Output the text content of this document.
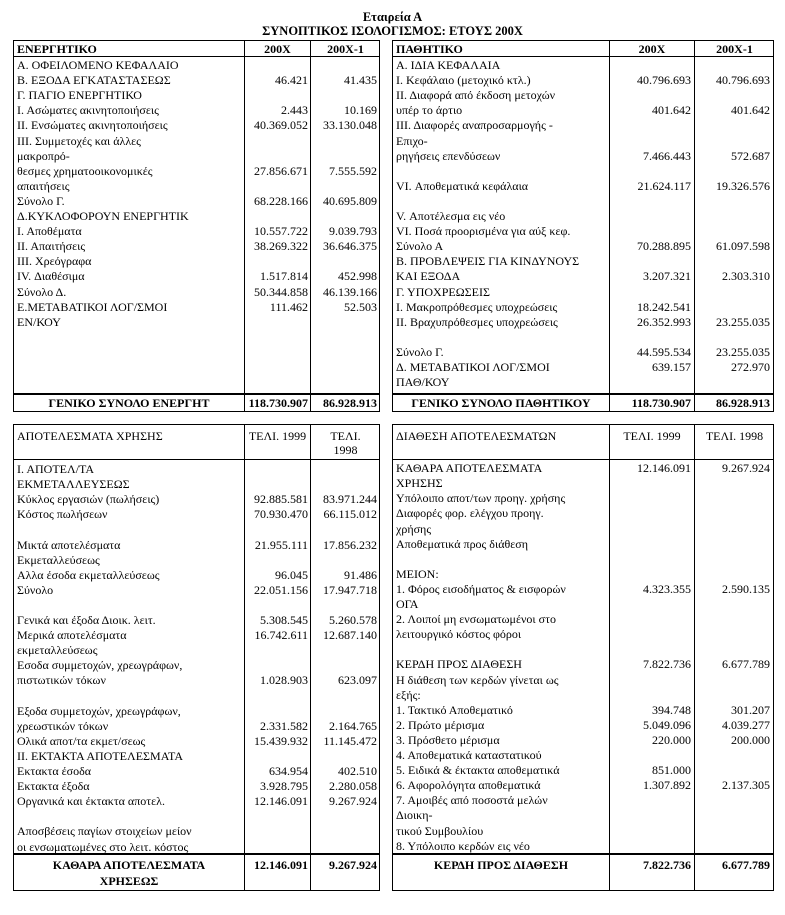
Εταιρεία Α
ΣΥΝΟΠΤΙΚΟΣ ΙΣΟΛΟΓΙΣΜΟΣ: ΕΤΟΥΣ 200Χ
ΕΝΕΡΓΗΤΙΚΟ	200Χ	200Χ-1
Α. ΟΦΕΙΛΟΜΕΝΟ ΚΕΦΑΛΑΙΟ
Β. ΕΞΟΔΑ ΕΓΚΑΤΑΣΤΑΣΕΩΣ	46.421	41.435
Γ. ΠΑΓΙΟ ΕΝΕΡΓΗΤΙΚΟ
Ι. Ασώματες ακινητοποιήσεις	2.443	10.169
ΙΙ. Ενσώματες ακινητοποιήσεις	40.369.052	33.130.048
ΙΙΙ. Συμμετοχές και άλλες
μακροπρό-
θεσμες χρηματοοικονομικές	27.856.671	7.555.592
απαιτήσεις
Σύνολο Γ.	68.228.166	40.695.809
Δ.ΚΥΚΛΟΦΟΡΟΥΝ ΕΝΕΡΓΗΤΙΚ
Ι. Αποθέματα	10.557.722	9.039.793
ΙΙ. Απαιτήσεις	38.269.322	36.646.375
ΙΙΙ. Χρεόγραφα
ΙV. Διαθέσιμα	1.517.814	452.998
Σύνολο Δ.	50.344.858	46.139.166
Ε.ΜΕΤΑΒΑΤΙΚΟΙ ΛΟΓ/ΣΜΟΙ	111.462	52.503
ΕΝ/ΚΟΥ
ΓΕΝΙΚΟ ΣΥΝΟΛΟ ΕΝΕΡΓΗΤ	118.730.907	86.928.913
ΠΑΘΗΤΙΚΟ	200Χ	200Χ-1
Α. ΙΔΙΑ ΚΕΦΑΛΑΙΑ
Ι. Κεφάλαιο (μετοχικό κτλ.)	40.796.693	40.796.693
ΙΙ. Διαφορά από έκδοση μετοχών
υπέρ το άρτιο	401.642	401.642
ΙΙΙ. Διαφορές αναπροσαρμογής -
Επιχο-
ρηγήσεις επενδύσεων	7.466.443	572.687
VI. Αποθεματικά κεφάλαια	21.624.117	19.326.576
V. Αποτέλεσμα εις νέο
VI. Ποσά προορισμένα για αύξ κεφ.
Σύνολο Α	70.288.895	61.097.598
Β. ΠΡΟΒΛΕΨΕΙΣ ΓΙΑ ΚΙΝΔΥΝΟΥΣ
ΚΑΙ ΕΞΟΔΑ	3.207.321	2.303.310
Γ. ΥΠΟΧΡΕΩΣΕΙΣ
Ι. Μακροπρόθεσμες υποχρεώσεις	18.242.541
ΙΙ. Βραχυπρόθεσμες υποχρεώσεις	26.352.993	23.255.035
Σύνολο Γ.	44.595.534	23.255.035
Δ. ΜΕΤΑΒΑΤΙΚΟΙ ΛΟΓ/ΣΜΟΙ	639.157	272.970
ΠΑΘ/ΚΟΥ
ΓΕΝΙΚΟ ΣΥΝΟΛΟ ΠΑΘΗΤΙΚΟΥ	118.730.907	86.928.913
ΑΠΟΤΕΛΕΣΜΑΤΑ ΧΡΗΣΗΣ	ΤΕΛΙ. 1999	ΤΕΛΙ.
1998
Ι. ΑΠΟΤΕΛ/ΤΑ
ΕΚΜΕΤΑΛΛΕΥΣΕΩΣ
Κύκλος εργασιών (πωλήσεις)	92.885.581	83.971.244
Κόστος πωλήσεων	70.930.470	66.115.012
Μικτά αποτελέσματα	21.955.111	17.856.232
Εκμεταλλεύσεως
Αλλα έσοδα εκμεταλλεύσεως	96.045	91.486
Σύνολο	22.051.156	17.947.718
Γενικά και έξοδα Διοικ. λειτ.	5.308.545	5.260.578
Μερικά αποτελέσματα	16.742.611	12.687.140
εκμεταλλεύσεως
Εσοδα συμμετοχών, χρεωγράφων,
πιστωτικών τόκων	1.028.903	623.097
Εξοδα συμμετοχών, χρεωγράφων,
χρεωστικών τόκων	2.331.582	2.164.765
Ολικά αποτ/τα εκμετ/σεως	15.439.932	11.145.472
ΙΙ. ΕΚΤΑΚΤΑ ΑΠΟΤΕΛΕΣΜΑΤΑ
Εκτακτα έσοδα	634.954	402.510
Εκτακτα έξοδα	3.928.795	2.280.058
Οργανικά και έκτακτα αποτελ.	12.146.091	9.267.924
Αποσβέσεις παγίων στοιχείων μείον
οι ενσωματωμένες στο λειτ. κόστος
ΚΑΘΑΡΑ ΑΠΟΤΕΛΕΣΜΑΤΑ
ΧΡΗΣΕΩΣ
12.146.091	9.267.924
ΔΙΑΘΕΣΗ ΑΠΟΤΕΛΕΣΜΑΤΩΝ	ΤΕΛΙ. 1999	ΤΕΛΙ. 1998
ΚΑΘΑΡΑ ΑΠΟΤΕΛΕΣΜΑΤΑ	12.146.091	9.267.924
ΧΡΗΣΗΣ
Υπόλοιπο αποτ/των προηγ. χρήσης
Διαφορές φορ. ελέγχου προηγ.
χρήσης
Αποθεματικά προς διάθεση
ΜΕΙΟΝ:
1. Φόρος εισοδήματος & εισφορών	4.323.355	2.590.135
ΟΓΑ
2. Λοιποί μη ενσωματωμένοι στο
λειτουργικό κόστος φόροι
ΚΕΡΔΗ ΠΡΟΣ ΔΙΑΘΕΣΗ	7.822.736	6.677.789
Η διάθεση των κερδών γίνεται ως
εξής:
1. Τακτικό Αποθεματικό	394.748	301.207
2. Πρώτο μέρισμα	5.049.096	4.039.277
3. Πρόσθετο μέρισμα	220.000	200.000
4. Αποθεματικά καταστατικού
5. Ειδικά & έκτακτα αποθεματικά	851.000
6. Αφορολόγητα αποθεματικά	1.307.892	2.137.305
7. Αμοιβές από ποσοστά μελών
Διοικη-
τικού Συμβουλίου
8. Υπόλοιπο κερδών εις νέο
ΚΕΡΔΗ ΠΡΟΣ ΔΙΑΘΕΣΗ	7.822.736	6.677.789
